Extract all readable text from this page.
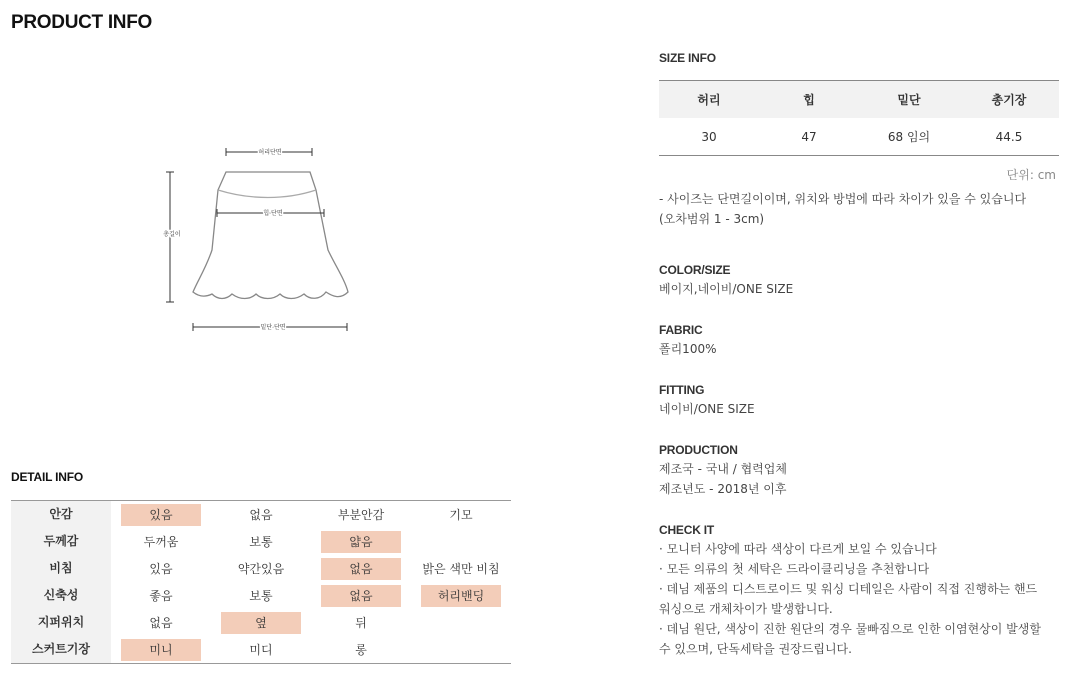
PRODUCT INFO
허리단면
힙 단면
총길이
밑단 단면
DETAIL INFO
안감	있음	없음	부분안감	기모
두께감	두꺼움	보통	얇음
비침	있음	약간있음	없음	밝은 색만 비침
신축성	좋음	보통	없음	허리밴딩
지퍼위치	없음	옆	뒤
스커트기장	미니	미디	롱
SIZE INFO
허리	힙	밑단	총기장
30	47	68 임의	44.5
단위: cm
- 사이즈는 단면길이이며, 위치와 방법에 따라 차이가 있을 수 있습니다
(오차범위 1 - 3cm)
COLOR/SIZE
베이지,네이비/ONE SIZE
FABRIC
폴리100%
FITTING
네이비/ONE SIZE
PRODUCTION
제조국 - 국내 / 협력업체
제조년도 - 2018년 이후
CHECK IT
· 모니터 사양에 따라 색상이 다르게 보일 수 있습니다
· 모든 의류의 첫 세탁은 드라이클리닝을 추천합니다
· 데님 제품의 디스트로이드 및 워싱 디테일은 사람이 직접 진행하는 핸드
워싱으로 개체차이가 발생합니다.
· 데님 원단, 색상이 진한 원단의 경우 물빠짐으로 인한 이염현상이 발생할
수 있으며, 단독세탁을 권장드립니다.
